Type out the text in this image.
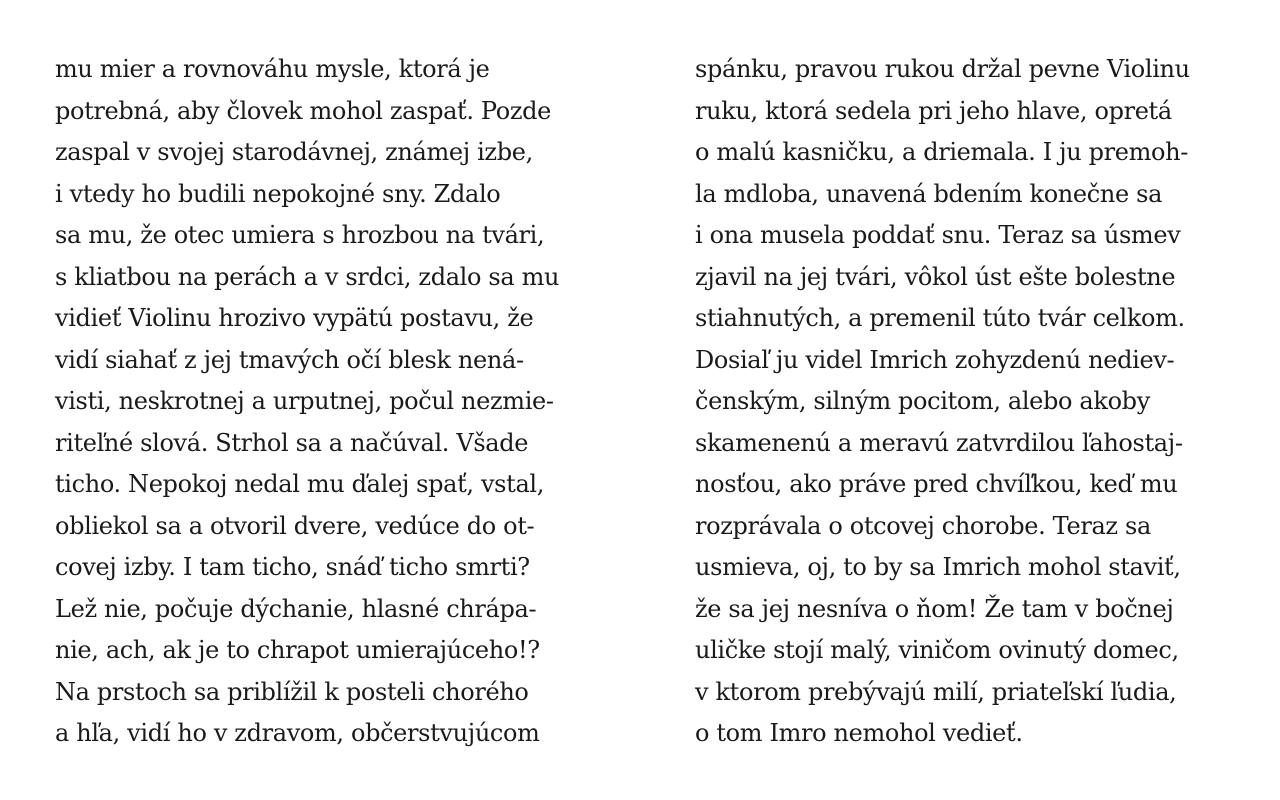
mu mier a rovnováhu mysle, ktorá je
potrebná, aby človek mohol zaspať. Pozde
zaspal v svojej starodávnej, známej izbe,
i vtedy ho budili nepokojné sny. Zdalo
sa mu, že otec umiera s hrozbou na tvári,
s kliatbou na perách a v srdci, zdalo sa mu
vidieť Violinu hrozivo vypätú postavu, že
vidí siahať z jej tmavých očí blesk nená-
visti, neskrotnej a urputnej, počul nezmie-
riteľné slová. Strhol sa a načúval. Všade
ticho. Nepokoj nedal mu ďalej spať, vstal,
obliekol sa a otvoril dvere, vedúce do ot-
covej izby. I tam ticho, snáď ticho smrti?
Lež nie, počuje dýchanie, hlasné chrápa-
nie, ach, ak je to chrapot umierajúceho!?
Na prstoch sa priblížil k posteli chorého
a hľa, vidí ho v zdravom, občerstvujúcom
spánku, pravou rukou držal pevne Violinu
ruku, ktorá sedela pri jeho hlave, opretá
o malú kasničku, a driemala. I ju premoh-
la mdloba, unavená bdením konečne sa
i ona musela poddať snu. Teraz sa úsmev
zjavil na jej tvári, vôkol úst ešte bolestne
stiahnutých, a premenil túto tvár celkom.
Dosiaľ ju videl Imrich zohyzdenú nediev-
čenským, silným pocitom, alebo akoby
skamenenú a meravú zatvrdilou ľahostaj-
nosťou, ako práve pred chvíľkou, keď mu
rozprávala o otcovej chorobe. Teraz sa
usmieva, oj, to by sa Imrich mohol staviť,
že sa jej nesníva o ňom! Že tam v bočnej
uličke stojí malý, viničom ovinutý domec,
v ktorom prebývajú milí, priateľskí ľudia,
o tom Imro nemohol vedieť.
